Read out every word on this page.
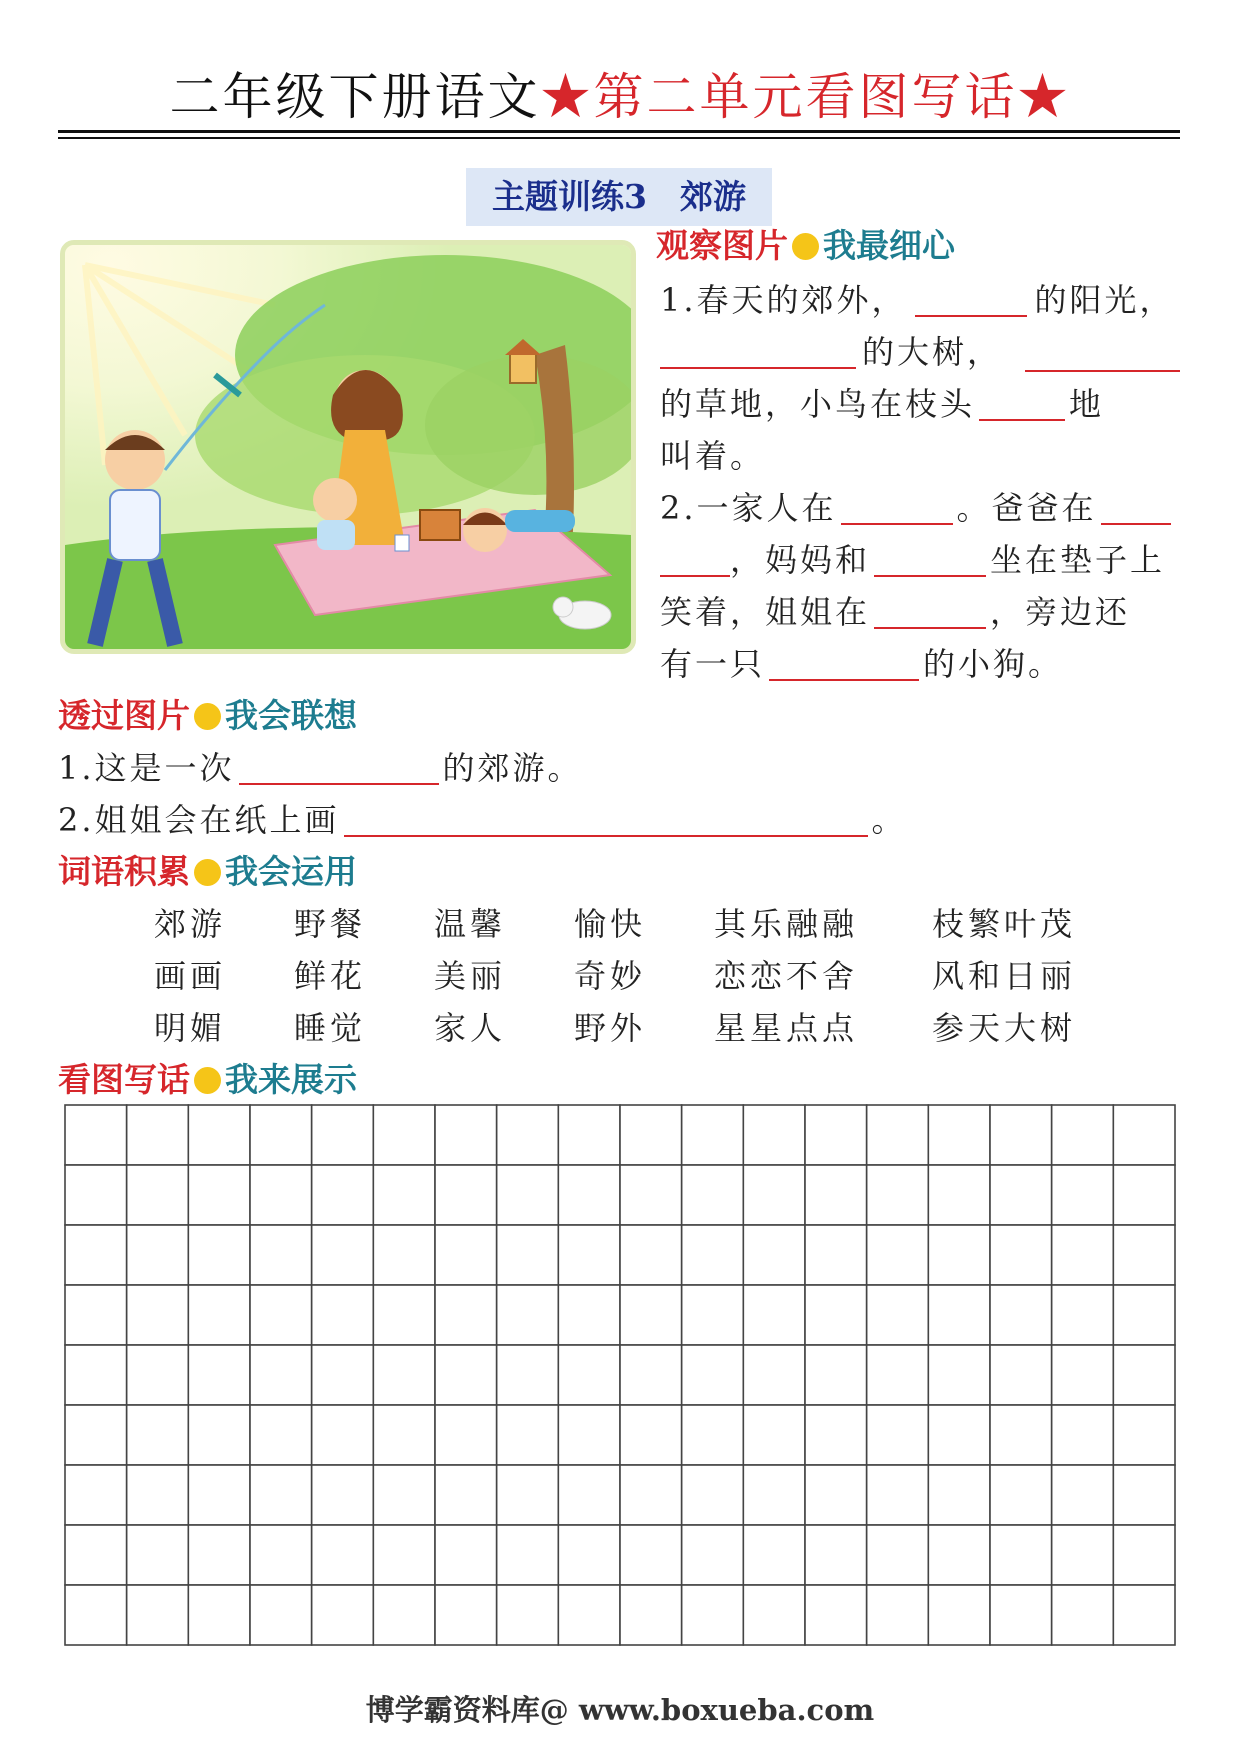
二年级下册语文★第二单元看图写话★
主题训练3　郊游
观察图片 我最细心
1.春天的郊外，	的阳光，
的大树，
的草地，小鸟在枝头	地
叫着。
2.一家人在	。爸爸在
，妈妈和	坐在垫子上
笑着，姐姐在	，旁边还
有一只	的小狗。
透过图片 我会联想
1.这是一次	的郊游。
2.姐姐会在纸上画	。
词语积累 我会运用
郊游 野餐 温馨 愉快 其乐融融 枝繁叶茂
画画 鲜花 美丽 奇妙 恋恋不舍 风和日丽
明媚 睡觉 家人 野外 星星点点 参天大树
看图写话 我来展示
博学霸资料库@ www.boxueba.com
